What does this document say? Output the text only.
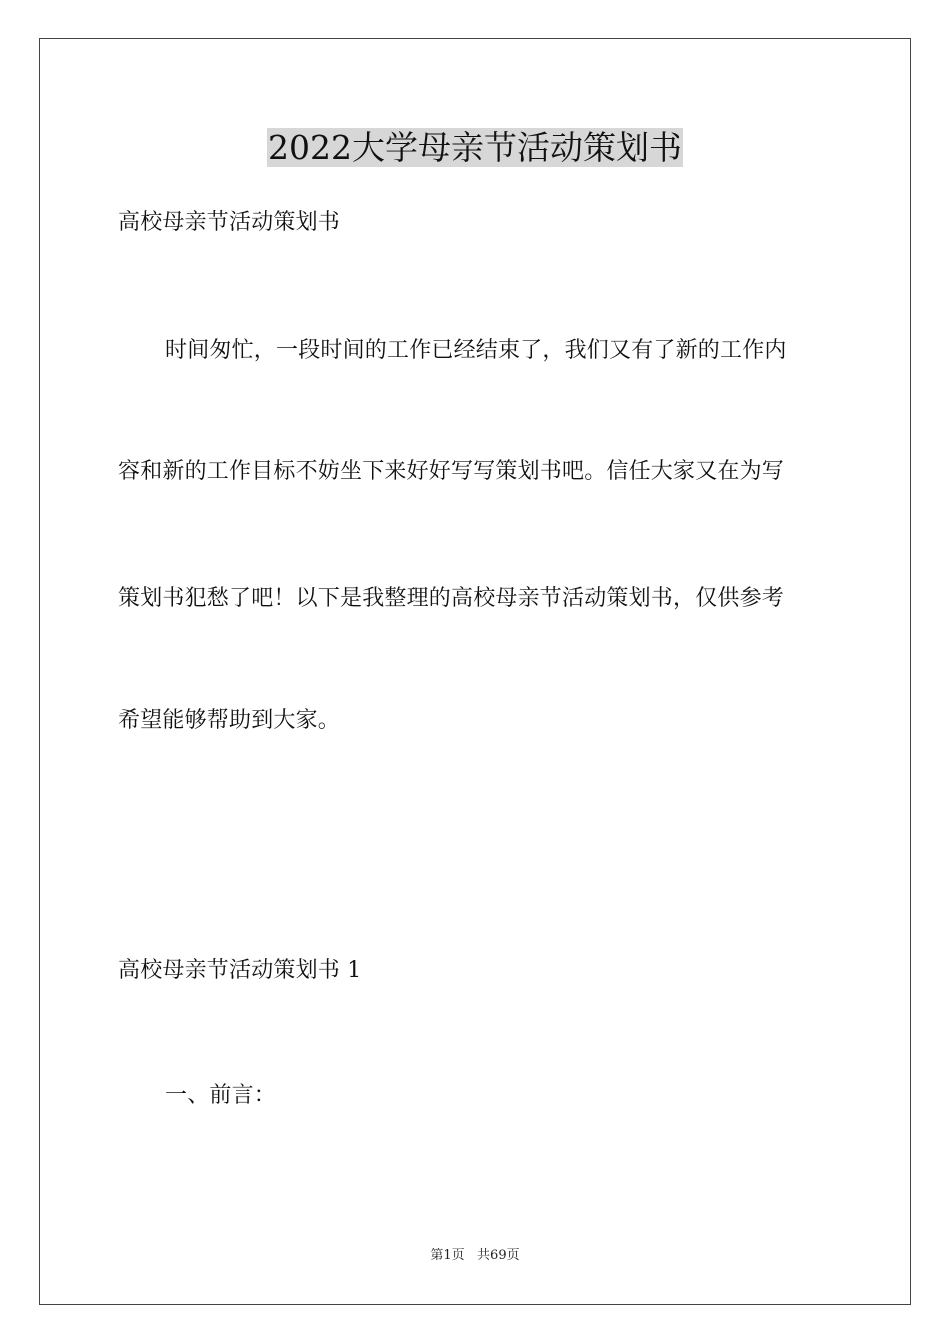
2022大学母亲节活动策划书
高校母亲节活动策划书
时间匆忙，一段时间的工作已经结束了，我们又有了新的工作内
容和新的工作目标不妨坐下来好好写写策划书吧。信任大家又在为写
策划书犯愁了吧！以下是我整理的高校母亲节活动策划书，仅供参考
希望能够帮助到大家。
高校母亲节活动策划书 1
一、前言：
第1页   共69页
